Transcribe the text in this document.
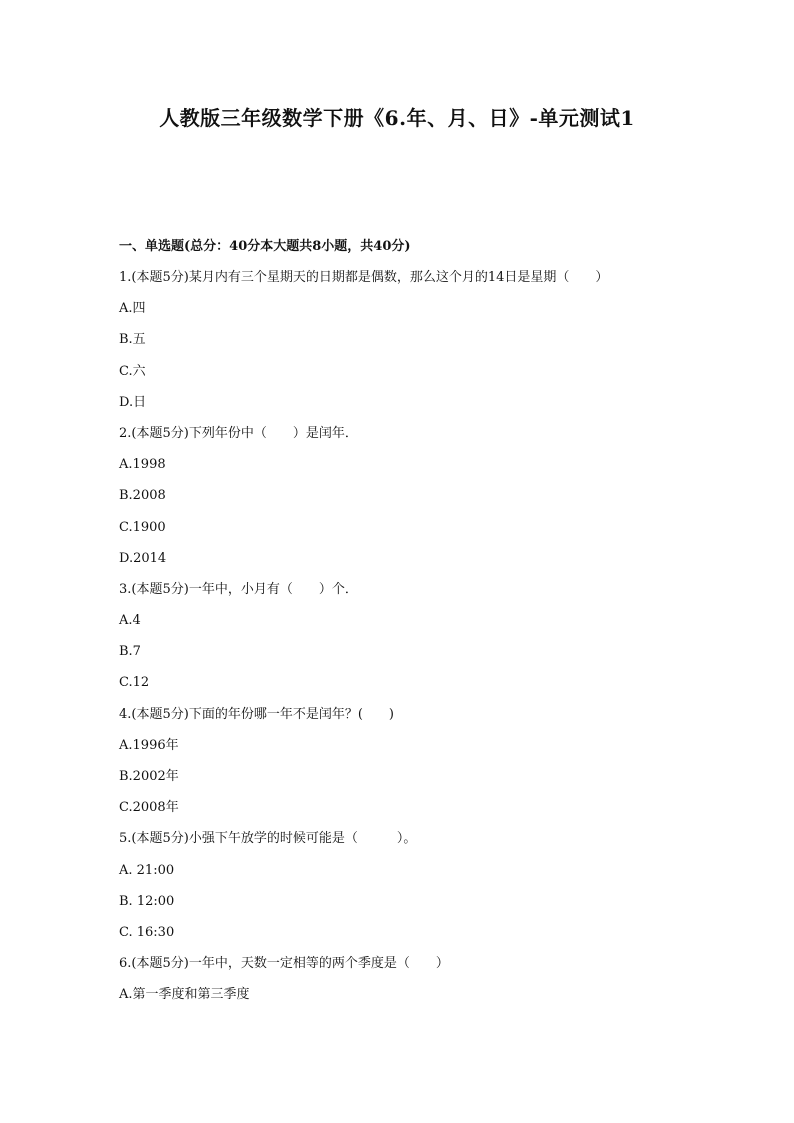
人教版三年级数学下册《6.年、月、日》-单元测试1
一、单选题(总分：40分本大题共8小题，共40分)
1.(本题5分)某月内有三个星期天的日期都是偶数，那么这个月的14日是星期（　　）
A.四
B.五
C.六
D.日
2.(本题5分)下列年份中（　　）是闰年．
A.1998
B.2008
C.1900
D.2014
3.(本题5分)一年中，小月有（　　）个．
A.4
B.7
C.12
4.(本题5分)下面的年份哪一年不是闰年？(　　)
A.1996年
B.2002年
C.2008年
5.(本题5分)小强下午放学的时候可能是（　　　）。
A. 21:00
B. 12:00
C. 16:30
6.(本题5分)一年中，天数一定相等的两个季度是（　　）
A.第一季度和第三季度
